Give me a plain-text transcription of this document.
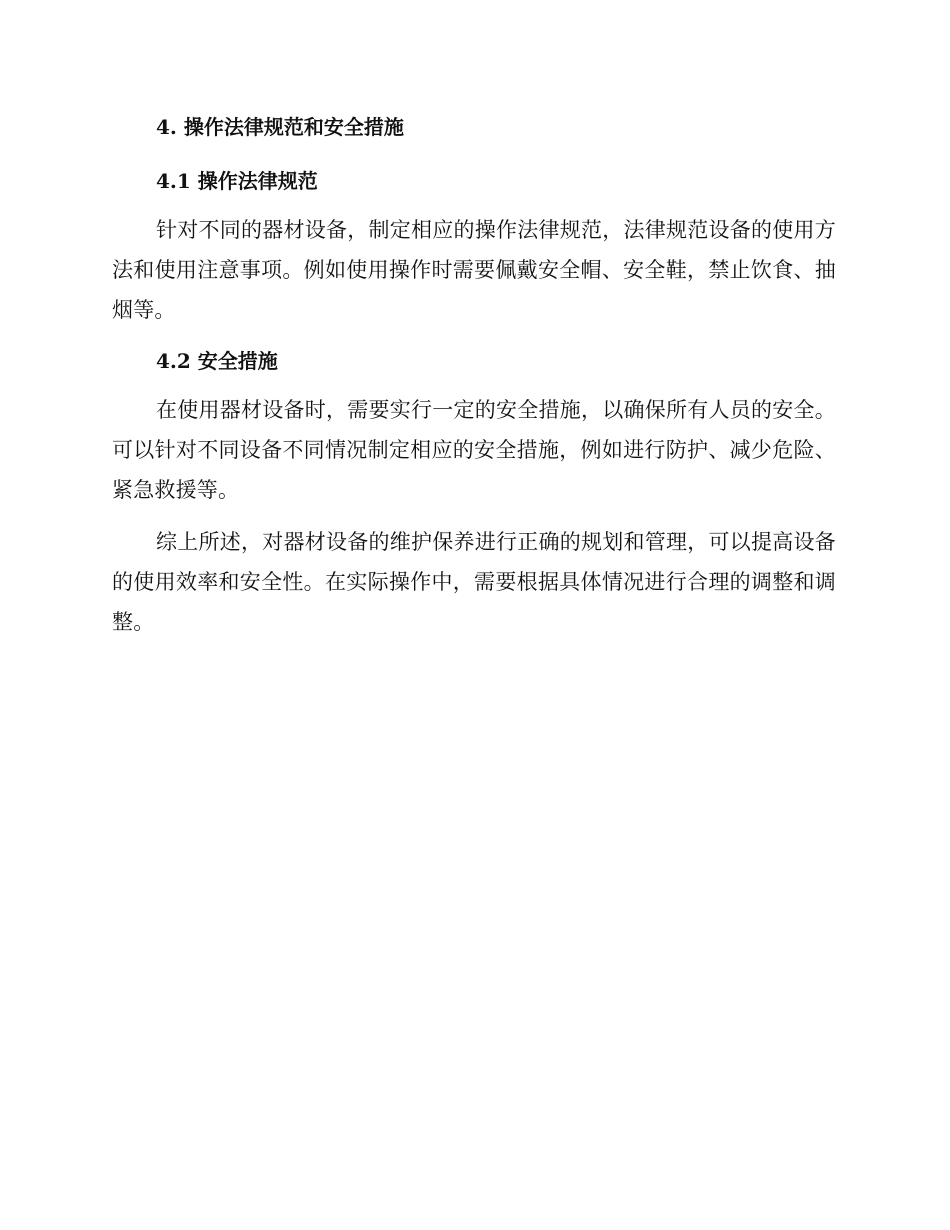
4. 操作法律规范和安全措施
4.1 操作法律规范

针对不同的器材设备，制定相应的操作法律规范，法律规范设备的使用方法和使用注意事项。例如使用操作时需要佩戴安全帽、安全鞋，禁止饮食、抽烟等。

4.2 安全措施

在使用器材设备时，需要实行一定的安全措施，以确保所有人员的安全。可以针对不同设备不同情况制定相应的安全措施，例如进行防护、减少危险、紧急救援等。

综上所述，对器材设备的维护保养进行正确的规划和管理，可以提高设备的使用效率和安全性。在实际操作中，需要根据具体情况进行合理的调整和调整。
